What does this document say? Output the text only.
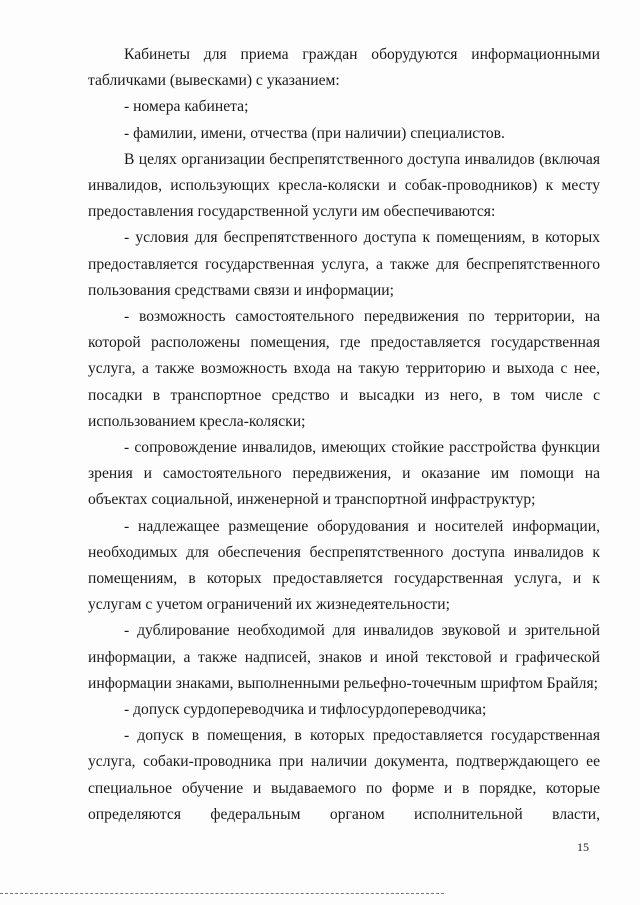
Кабинеты для приема граждан оборудуются информационными табличками (вывесками) с указанием:

- номера кабинета;

- фамилии, имени, отчества (при наличии) специалистов.

В целях организации беспрепятственного доступа инвалидов (включая инвалидов, использующих кресла-коляски и собак-проводников) к месту предоставления государственной услуги им обеспечиваются:

- условия для беспрепятственного доступа к помещениям, в которых предоставляется государственная услуга, а также для беспрепятственного пользования средствами связи и информации;

- возможность самостоятельного передвижения по территории, на которой расположены помещения, где предоставляется государственная услуга, а также возможность входа на такую территорию и выхода с нее, посадки в транспортное средство и высадки из него, в том числе с использованием кресла-коляски;

- сопровождение инвалидов, имеющих стойкие расстройства функции зрения и самостоятельного передвижения, и оказание им помощи на объектах социальной, инженерной и транспортной инфраструктур;

- надлежащее размещение оборудования и носителей информации, необходимых для обеспечения беспрепятственного доступа инвалидов к помещениям, в которых предоставляется государственная услуга, и к услугам с учетом ограничений их жизнедеятельности;

- дублирование необходимой для инвалидов звуковой и зрительной информации, а также надписей, знаков и иной текстовой и графической информации знаками, выполненными рельефно-точечным шрифтом Брайля;

- допуск сурдопереводчика и тифлосурдопереводчика;

- допуск в помещения, в которых предоставляется государственная услуга, собаки-проводника при наличии документа, подтверждающего ее специальное обучение и выдаваемого по форме и в порядке, которые определяются федеральным органом исполнительной власти,

15
